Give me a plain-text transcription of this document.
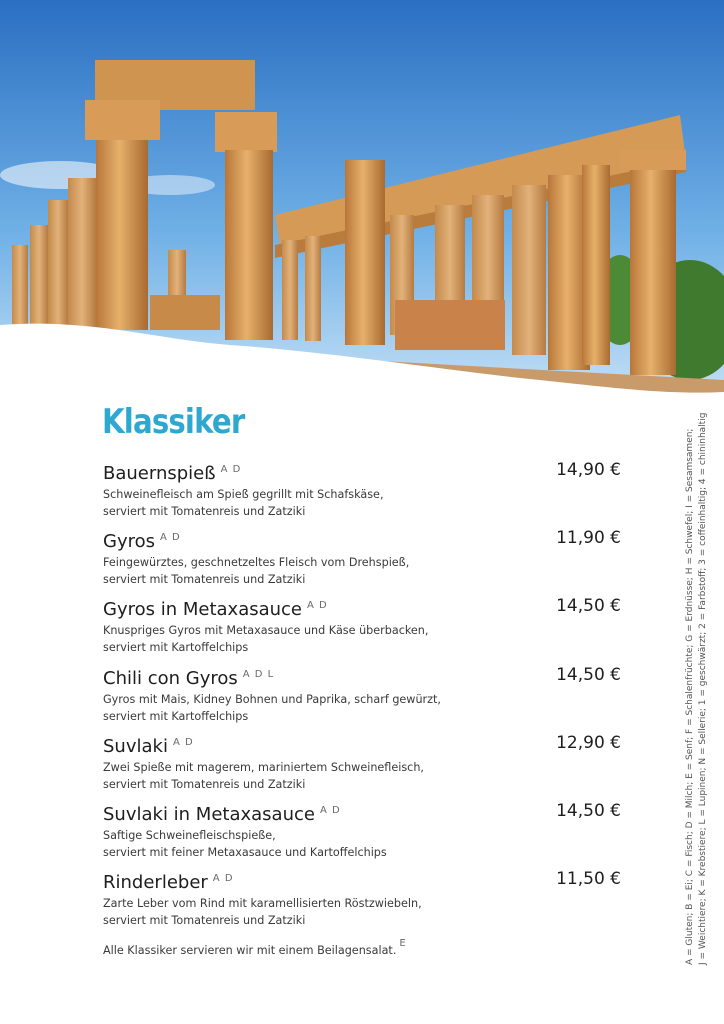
Klassiker
Bauernspieß $^{A D}$	14,90 €
Schweinefleisch am Spieß gegrillt mit Schafskäse,
serviert mit Tomatenreis und Zatziki
Gyros $^{A D}$	11,90 €
Feingewürztes, geschnetzeltes Fleisch vom Drehspieß,
serviert mit Tomatenreis und Zatziki
Gyros in Metaxasauce $^{A D}$	14,50 €
Knuspriges Gyros mit Metaxasauce und Käse überbacken,
serviert mit Kartoffelchips
Chili con Gyros $^{A D L}$	14,50 €
Gyros mit Mais, Kidney Bohnen und Paprika, scharf gewürzt,
serviert mit Kartoffelchips
Suvlaki $^{A D}$	12,90 €
Zwei Spieße mit magerem, mariniertem Schweinefleisch,
serviert mit Tomatenreis und Zatziki
Suvlaki in Metaxasauce $^{A D}$	14,50 €
Saftige Schweinefleischspieße,
serviert mit feiner Metaxasauce und Kartoffelchips
Rinderleber $^{A D}$	11,50 €
Zarte Leber vom Rind mit karamellisierten Röstzwiebeln,
serviert mit Tomatenreis und Zatziki
Alle Klassiker servieren wir mit einem Beilagensalat.E	A = Gluten; B = Ei; C = Fisch; D = Milch; E = Senf; F = Schalenfrüchte; G = Erdnüsse; H = Schwefel; I = Sesamsamen; J = Weichtiere; K = Krebstiere; L = Lupinen; N = Sellerie; 1 = geschwärzt; 2 = Farbstoff; 3 = coffeinhaltig; 4 = chininhaltig
